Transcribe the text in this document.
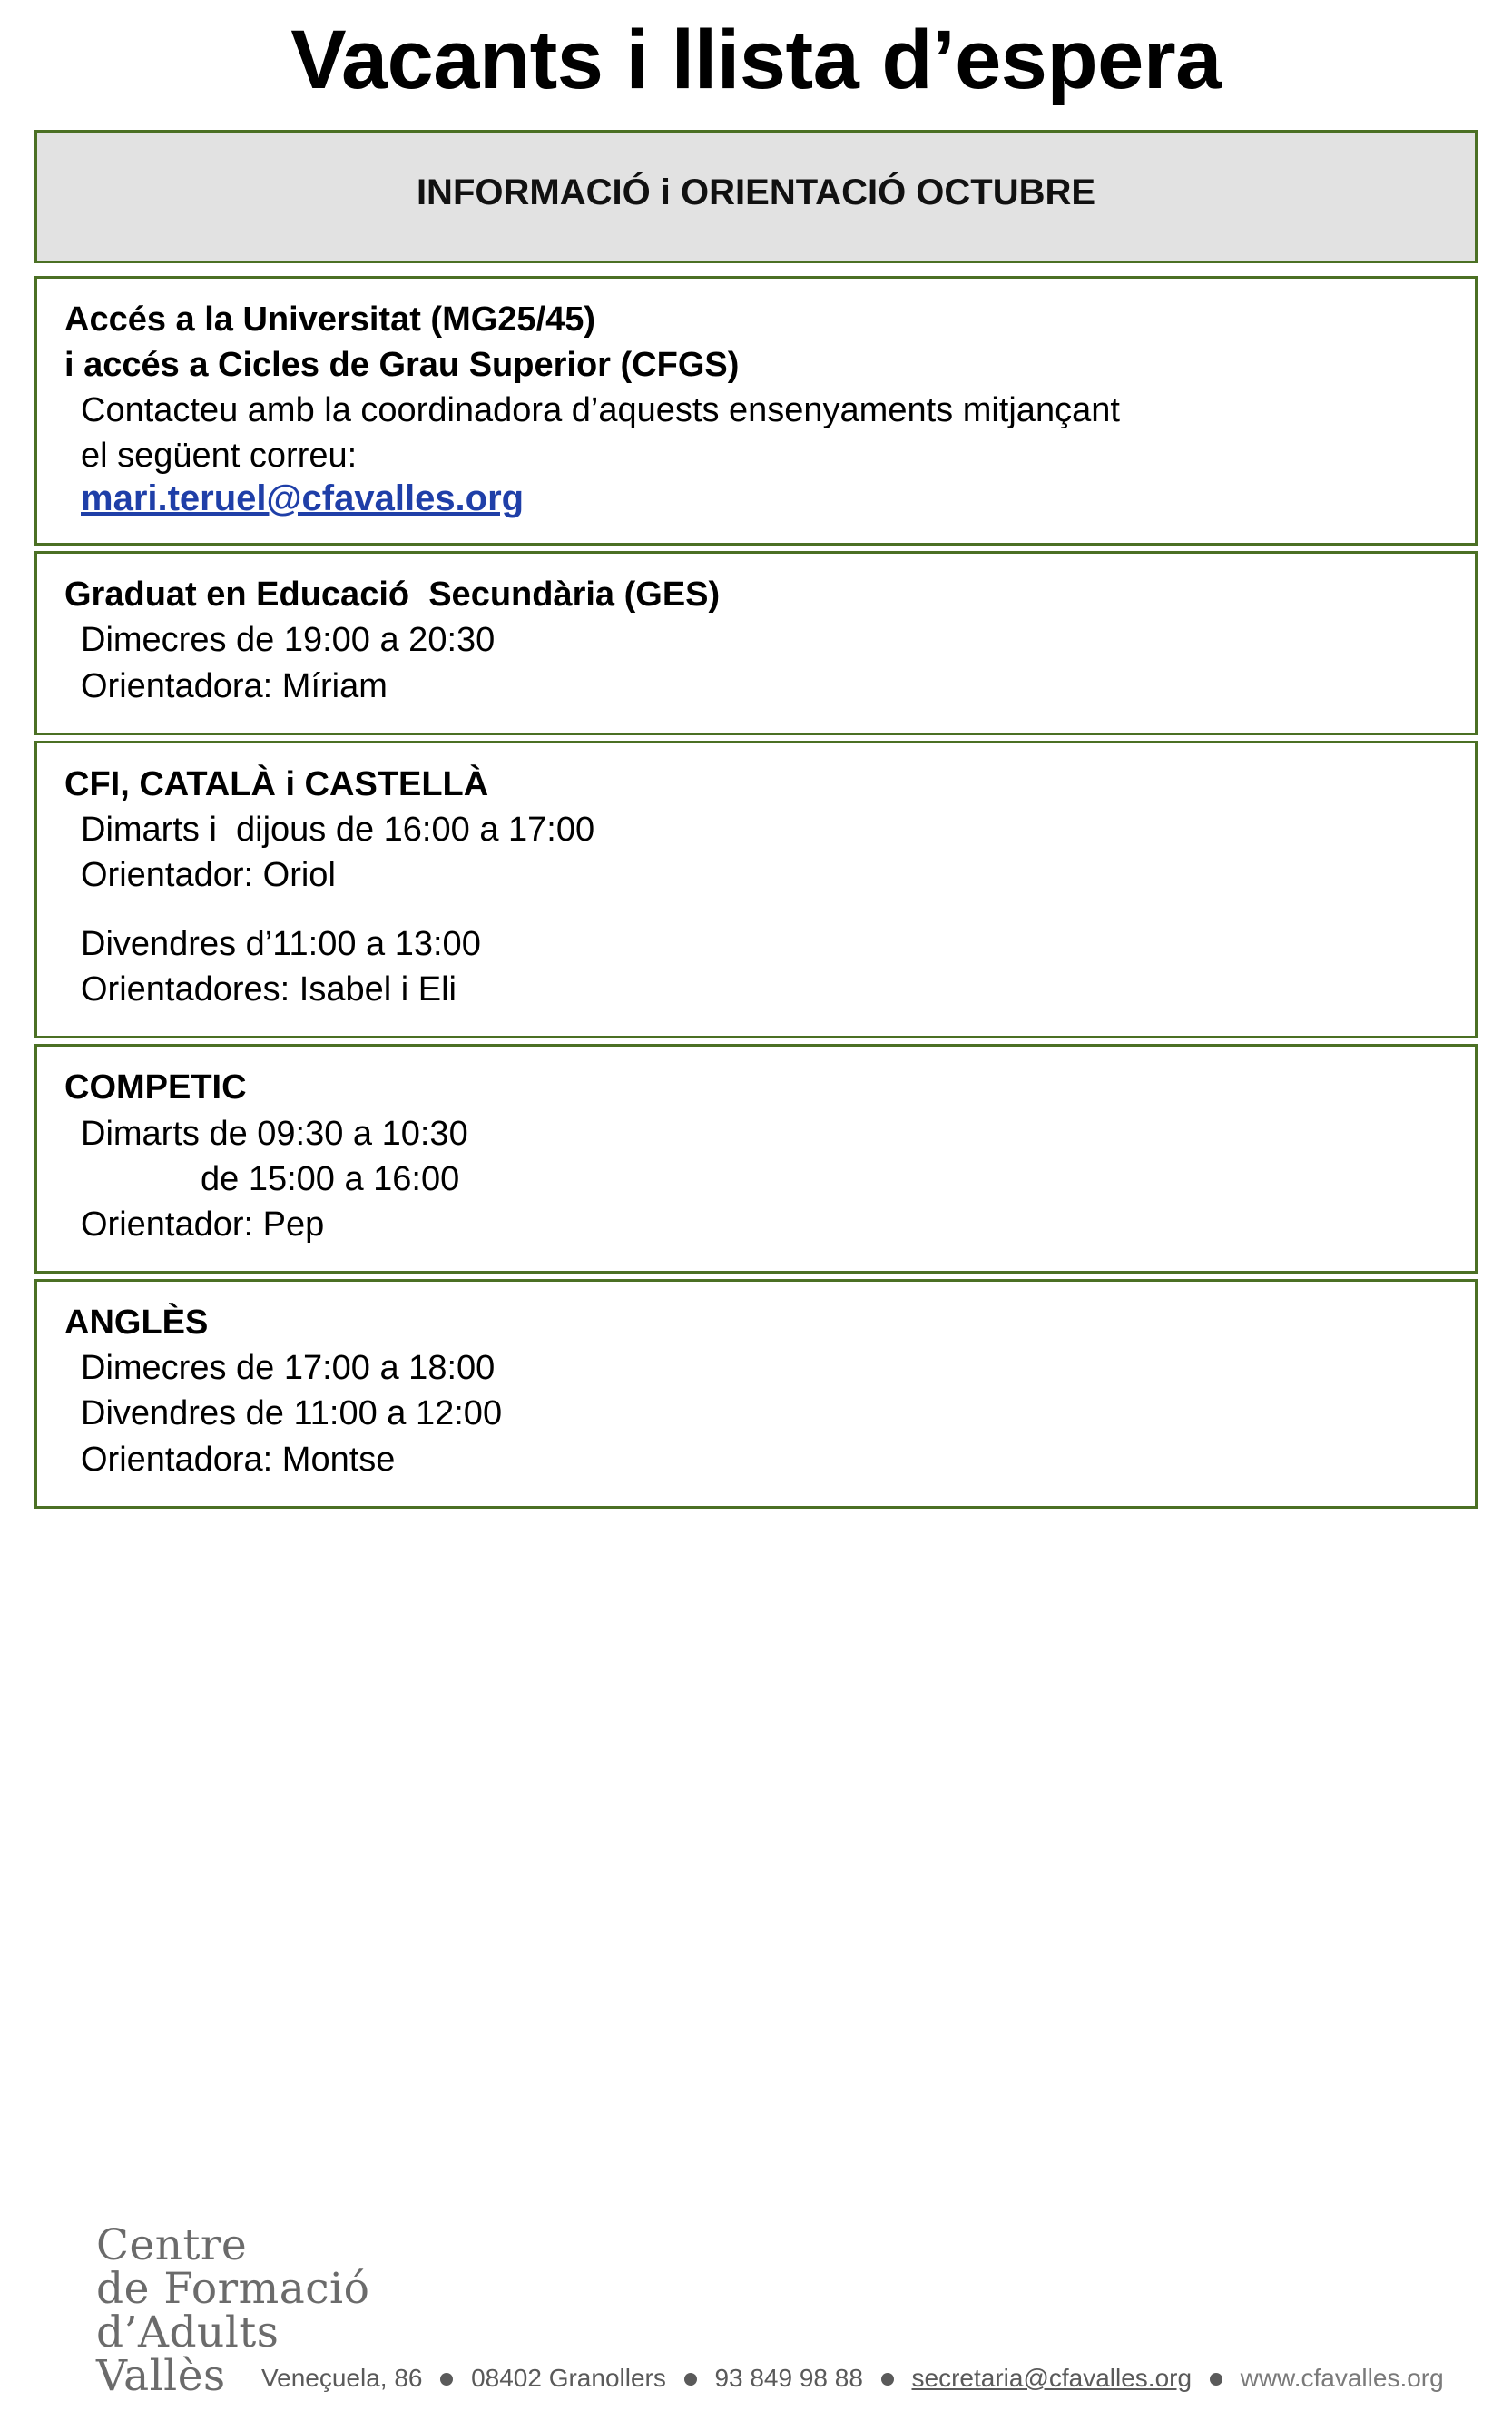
Vacants i llista d’espera
INFORMACIÓ i ORIENTACIÓ OCTUBRE
Accés a la Universitat (MG25/45)
i accés a Cicles de Grau Superior (CFGS)
Contacteu amb la coordinadora d’aquests ensenyaments mitjançant
el següent correu:
mari.teruel@cfavalles.org
Graduat en Educació  Secundària (GES)
Dimecres de 19:00 a 20:30
Orientadora: Míriam
CFI, CATALÀ i CASTELLÀ
Dimarts i  dijous de 16:00 a 17:00
Orientador: Oriol
Divendres d’11:00 a 13:00
Orientadores: Isabel i Eli
COMPETIC
Dimarts de 09:30 a 10:30
de 15:00 a 16:00
Orientador: Pep
ANGLÈS
Dimecres de 17:00 a 18:00
Divendres de 11:00 a 12:00
Orientadora: Montse
Centre
de Formació
d’Adults
Vallès	Veneçuela, 86 08402 Granollers 93 849 98 88 secretaria@cfavalles.org www.cfavalles.org
